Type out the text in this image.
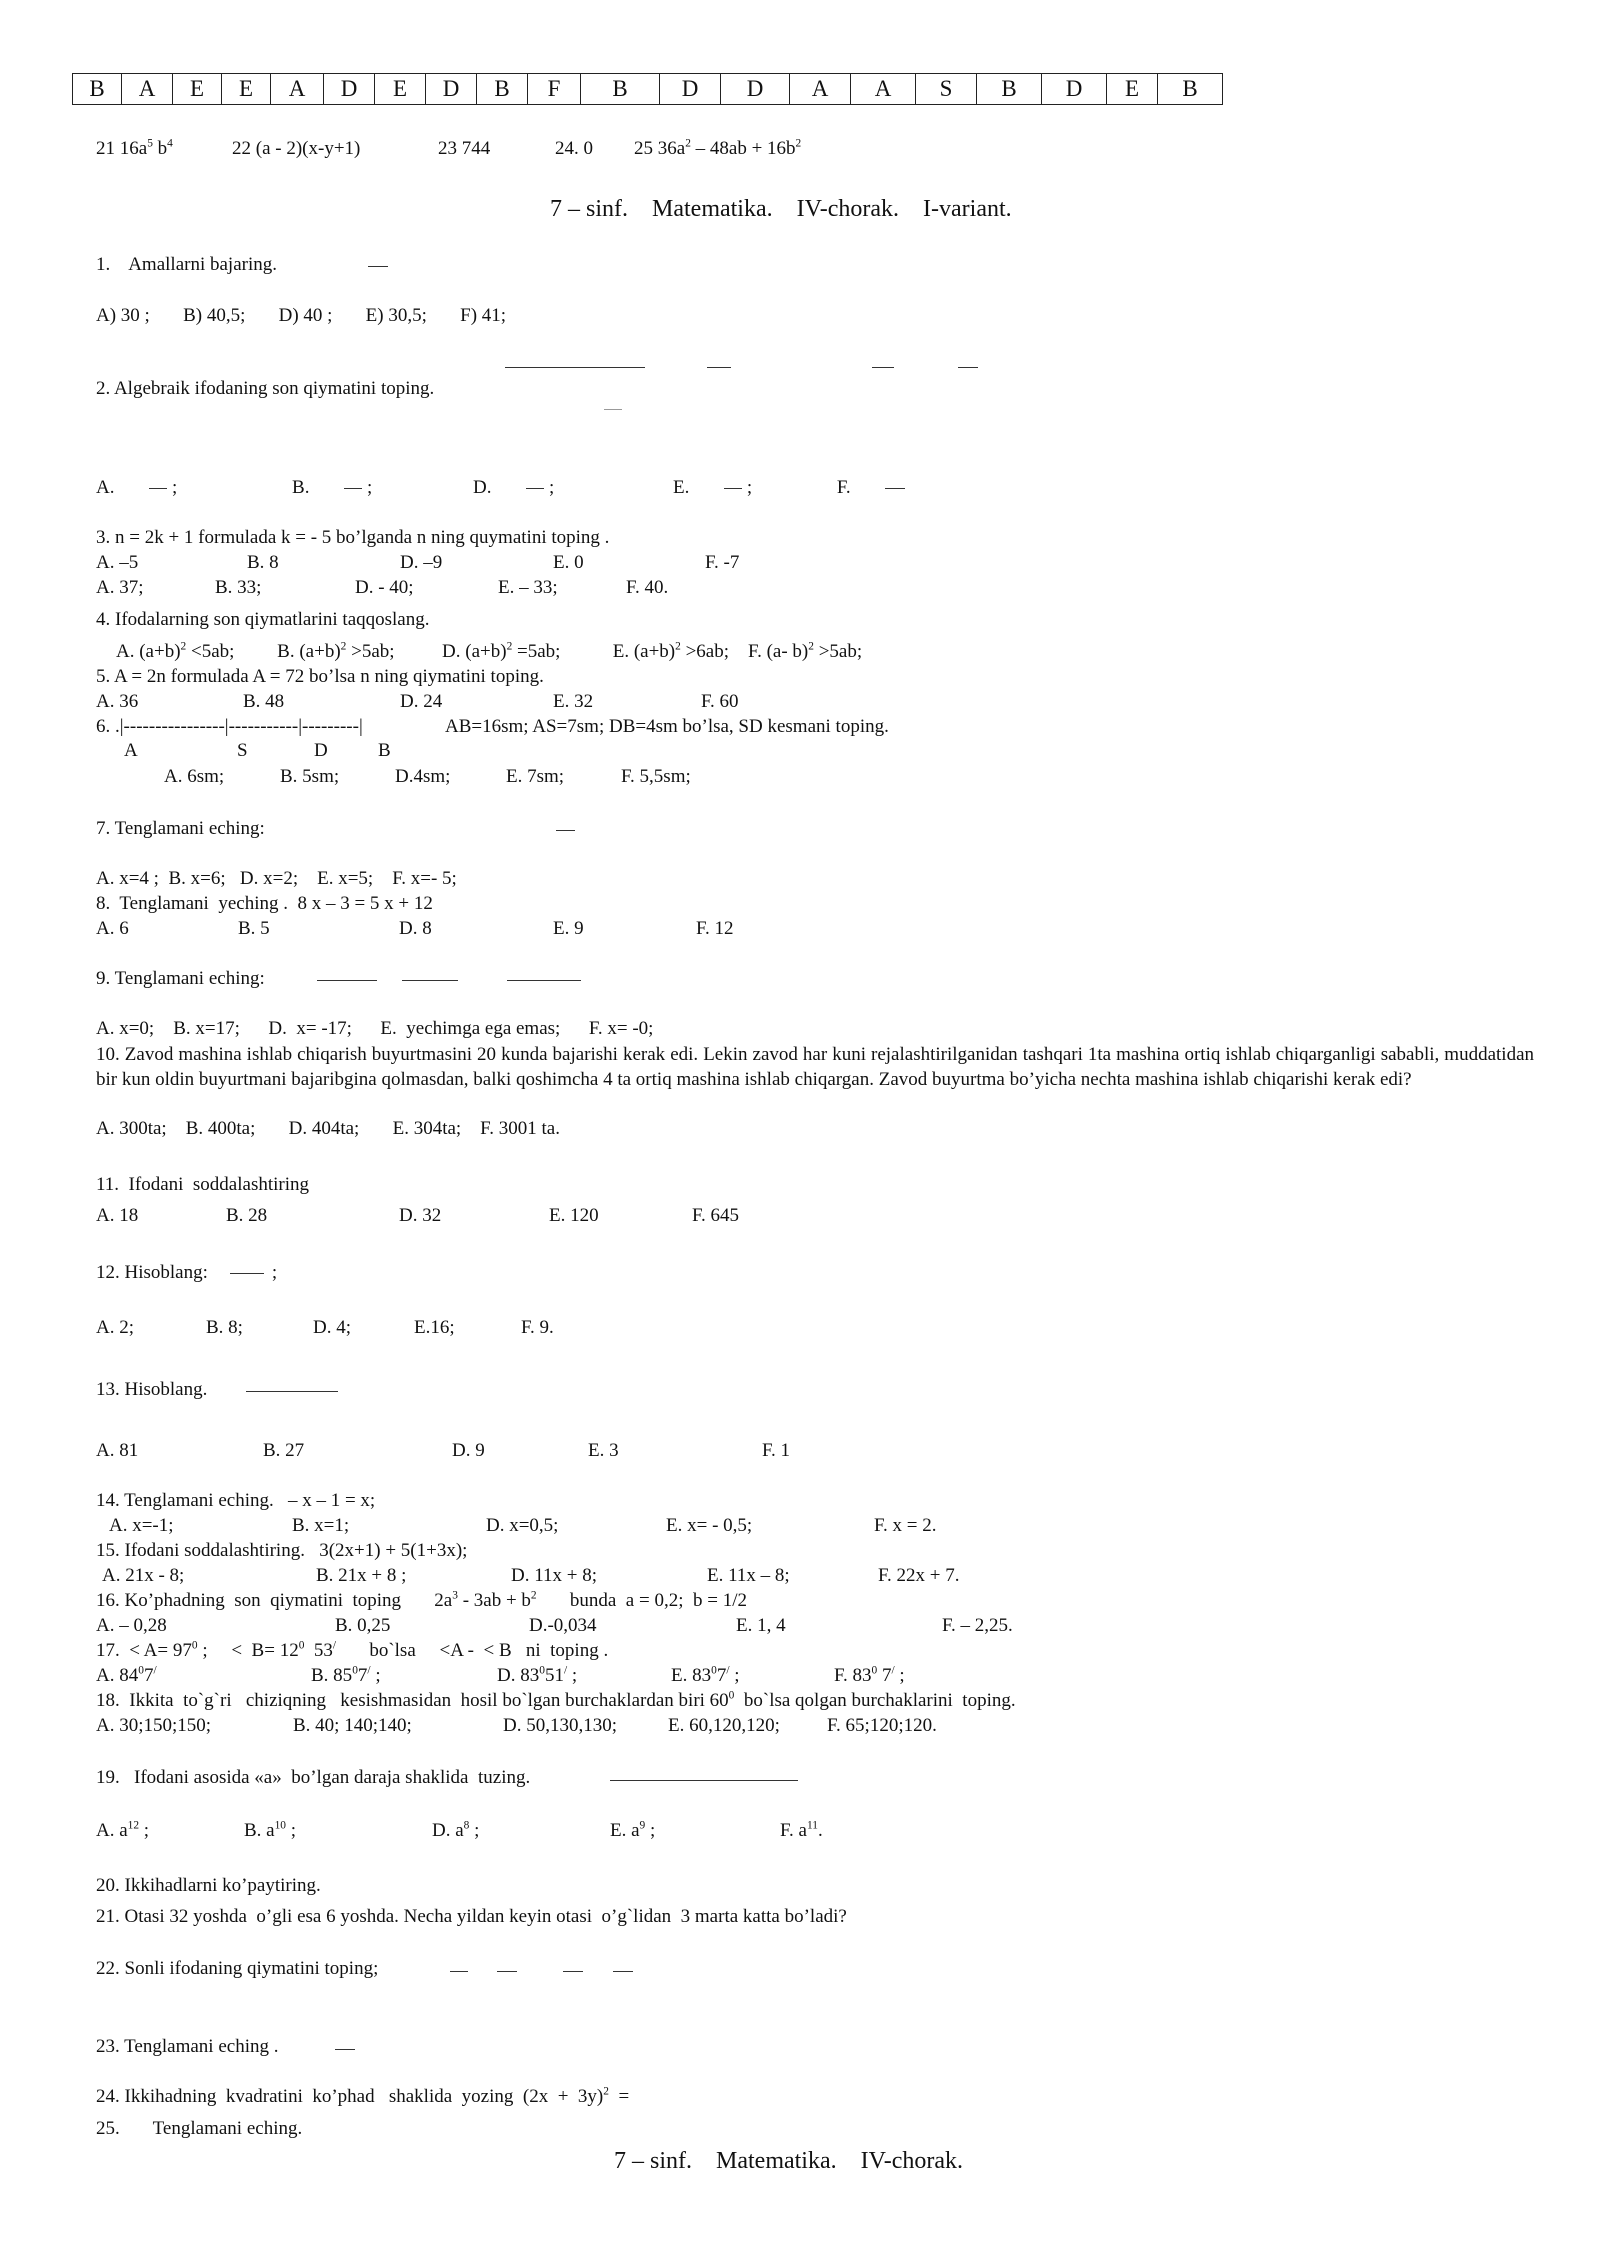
B	A	E	E	A	D	E	D	B	F	B	D	D	A	A	S	B	D	E	B
21 $16a^5$ $b^4$	22 (a - 2)(x-y+1)	23 744	24. 0 25 $36a^2 - 48ab + 16b^2$
7 – sinf.    Matematika.    IV-chorak.    I-variant.
1.    Amallarni bajaring.
A) 30 ;       B) 40,5;       D) 40 ;       E) 30,5;       F) 41;
2. Algebraik ifodaning son qiymatini toping.
A.	;	B.	;	D.	;	E.	;	F.
3. n = 2k + 1 formulada k = - 5 bo’lganda n ning quymatini toping .
A. –5	B. 8	D. –9	E. 0	F. -7
A. 37;	B. 33;	D. - 40;	E. – 33;	F. 40.
4. Ifodalarning son qiymatlarini taqqoslang.
A. $(a+b)^2 <5ab$; B. $(a+b)^2 >5ab$;	D. $(a+b)^2 =5ab$;	E. $(a+b)^2 >6ab$; F. (a- b)$^2$ >5ab;
5. A = 2n formulada A = 72 bo’lsa n ning qiymatini toping.
A. 36	B. 48	D. 24	E. 32	F. 60
6. .|----------------|-----------|---------|	AB=16sm; AS=7sm; DB=4sm bo’lsa, SD kesmani toping.
A	S	D	B
A. 6sm;	B. 5sm;	D.4sm;	E. 7sm;	F. 5,5sm;
7. Tenglamani eching:
A. x=4 ;  B. x=6;   D. x=2;    E. x=5;    F. x=- 5;
8.  Tenglamani  yeching .  8 x – 3 = 5 x + 12
A. 6	B. 5	D. 8	E. 9	F. 12
9. Tenglamani eching:
A. x=0;    B. x=17;      D.  x= -17;      E.  yechimga ega emas;      F. x= -0;
10. Zavod mashina ishlab chiqarish buyurtmasini 20 kunda bajarishi kerak edi. Lekin zavod har kuni rejalashtirilganidan tashqari 1ta mashina ortiq ishlab chiqarganligi sababli, muddatidan bir kun oldin buyurtmani bajaribgina qolmasdan, balki qoshimcha 4 ta ortiq mashina ishlab chiqargan. Zavod buyurtma bo’yicha nechta mashina ishlab chiqarishi kerak edi?
A. 300ta;    B. 400ta;       D. 404ta;       E. 304ta;    F. 3001 ta.
11.  Ifodani  soddalashtiring
A. 18	B. 28	D. 32	E. 120	F. 645
12. Hisoblang:	;
A. 2;	B. 8;	D. 4;	E.16;	F. 9.
13. Hisoblang.
A. 81	B. 27	D. 9	E. 3	F. 1
14. Tenglamani eching.   – x – 1 = x;
A. x=-1;	B. x=1;	D. x=0,5;	E. x= - 0,5;	F. x = 2.
15. Ifodani soddalashtiring.   3(2x+1) + 5(1+3x);
A. 21x - 8;	B. 21x + 8 ;	D. 11x + 8;	E. 11x – 8;	F. 22x + 7.
16. Ko’phadning  son  qiymatini  toping $2a^3 - 3ab + b^2$ bunda  a = 0,2;  b = 1/2
A. – 0,28	B. 0,25	D.-0,034	E. 1, 4	F. – 2,25.
17.  < $A= 97^0$ ;     <  $B= 12^0$  53/       bo`lsa     <A -  < B   ni  toping .
A. $84^07^/$	B. $85^07^/$ ;	D. $83^051^/$ ;	E. $83^07^/$ ;	F. $83^0$ 7/ ;
18.  Ikkita  to`g`ri   chiziqning   kesishmasidan  hosil bo`lgan burchaklardan biri $60^0$  bo`lsa qolgan burchaklarini  toping.
A. 30;150;150;	B. 40; 140;140;	D. 50,130,130;	E. 60,120,120; F. 65;120;120.
19.   Ifodani asosida «a»  bo’lgan daraja shaklida  tuzing.
A. $a^{12}$ ;	B. $a^{10}$ ;	D. $a^8$ ;	E. $a^9$ ;	F. $a^{11}$.
20. Ikkihadlarni ko’paytiring.
21. Otasi 32 yoshda  o’gli esa 6 yoshda. Necha yildan keyin otasi  o’g`lidan  3 marta katta bo’ladi?
22. Sonli ifodaning qiymatini toping;
23. Tenglamani eching .
24. Ikkihadning  kvadratini  ko’phad   shaklida  yozing  $(2x + 3y)^2$  =
25.       Tenglamani eching.
7 – sinf.    Matematika.    IV-chorak.
